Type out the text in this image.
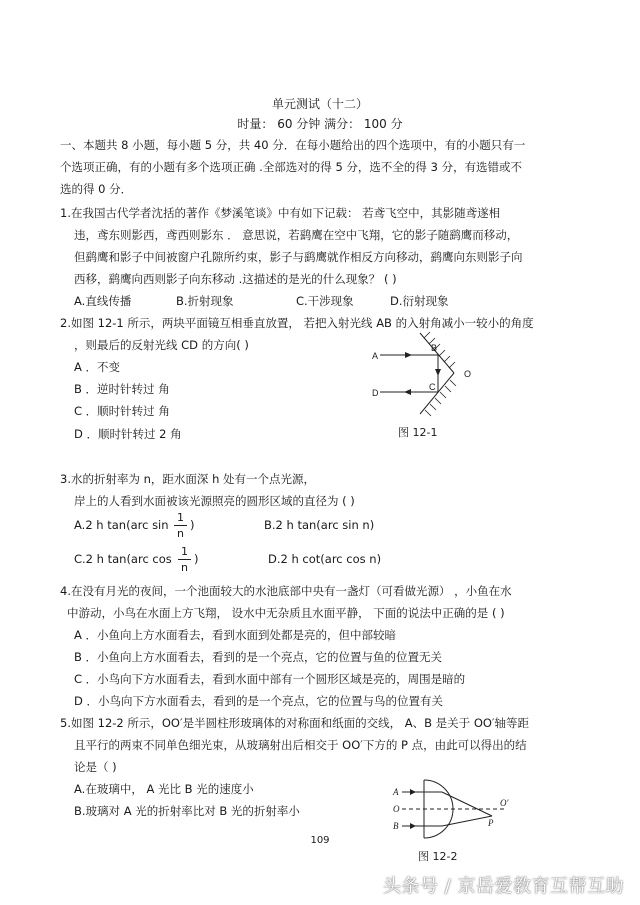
单元测试（十二）
时量： 60 分钟 满分： 100 分
一、本题共 8 小题，每小题 5 分，共 40 分．在每小题给出的四个选项中，有的小题只有一
个选项正确，有的小题有多个选项正确 .全部选对的得 5 分，选不全的得 3 分，有选错或不
选的得 0 分．
1.在我国古代学者沈括的著作《梦溪笔谈》中有如下记载： 若鸢飞空中，其影随鸢遂相
违，鸢东则影西，鸢西则影东 ． 意思说，若鹞鹰在空中飞翔，它的影子随鹞鹰而移动，
但鹞鹰和影子中间被窗户孔隙所约束，影子与鹞鹰就作相反方向移动，鹞鹰向东则影子向
西移，鹞鹰向西则影子向东移动 .这描述的是光的什么现象？ ( )
A.直线传播	B.折射现象	C.干涉现象	D.衍射现象
2.如图 12-1 所示，两块平面镜互相垂直放置， 若把入射光线 AB 的入射角减小一较小的角度
，则最后的反射光线 CD 的方向( )
A ．不变
B ．逆时针转过 角
C ．顺时针转过 角
D ．顺时针转过 2 角
A
B
C
D
O
图 12-1
3.水的折射率为 n，距水面深 h 处有一个点光源，
岸上的人看到水面被该光源照亮的圆形区域的直径为 ( )
A.2 h tan(arc $\sin \frac{1}{n}$ )	B.2 h tan(arc sin n)
C.2 h tan(arc $\cos \frac{1}{n}$ )	D.2 h cot(arc cos n)
4.在没有月光的夜间，一个池面较大的水池底部中央有一盏灯（可看做光源） ，小鱼在水
中游动，小鸟在水面上方飞翔， 设水中无杂质且水面平静， 下面的说法中正确的是 ( )
A ．小鱼向上方水面看去，看到水面到处都是亮的，但中部较暗
B ．小鱼向上方水面看去，看到的是一个亮点，它的位置与鱼的位置无关
C ．小鸟向下方水面看去，看到水面中部有一个圆形区域是亮的，周围是暗的
D ．小鸟向下方水面看去，看到的是一个亮点，它的位置与鸟的位置有关
5.如图 12-2 所示，OO′是半圆柱形玻璃体的对称面和纸面的交线， A、B 是关于 OO′轴等距
且平行的两束不同单色细光束，从玻璃射出后相交于 OO′下方的 P 点，由此可以得出的结
论是（ )
A.在玻璃中， A 光比 B 光的速度小
B.玻璃对 A 光的折射率比对 B 光的折射率小
A
O
B
O′
P
图 12-2
109
头条号 / 京岳爱教育互帮互助
